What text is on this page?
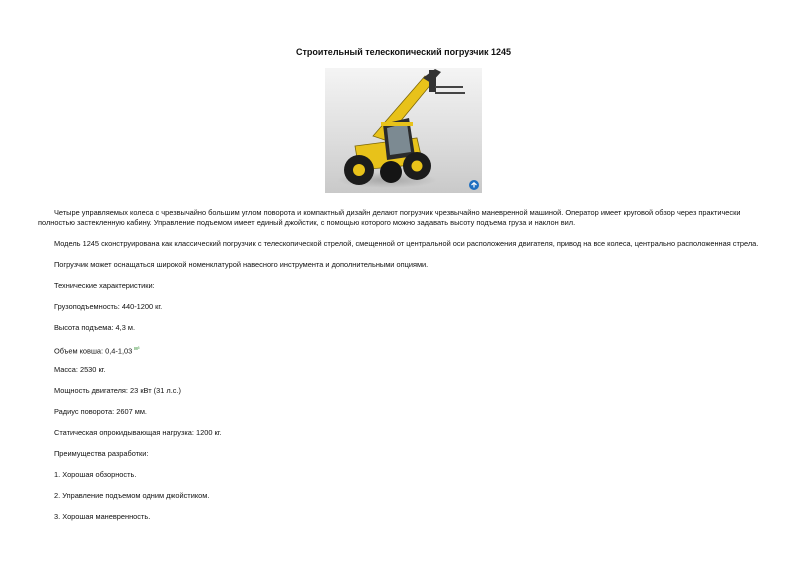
Строительный телескопический погрузчик 1245

Четыре управляемых колеса с чрезвычайно большим углом поворота и компактный дизайн делают погрузчик чрезвычайно маневренной машиной. Оператор имеет круговой обзор через практически полностью застекленную кабину. Управление подъемом имеет единый джойстик, с помощью которого можно задавать высоту подъема груза и наклон вил.

Модель 1245 сконструирована как классический погрузчик с телескопической стрелой, смещенной от центральной оси расположения двигателя, привод на все колеса, центрально расположенная стрела.

Погрузчик может оснащаться широкой номенклатурой навесного инструмента и дополнительными опциями.

Технические характеристики:

Грузоподъемность: 440-1200 кг.

Высота подъема: 4,3 м.

Объем ковша: 0,4-1,03 $^{м^3}$

Масса: 2530 кг.

Мощность двигателя: 23 кВт (31 л.с.)

Радиус поворота: 2607 мм.

Статическая опрокидывающая нагрузка: 1200 кг.

Преимущества разработки:

1. Хорошая обзорность.

2. Управление подъемом одним джойстиком.

3. Хорошая маневренность.
